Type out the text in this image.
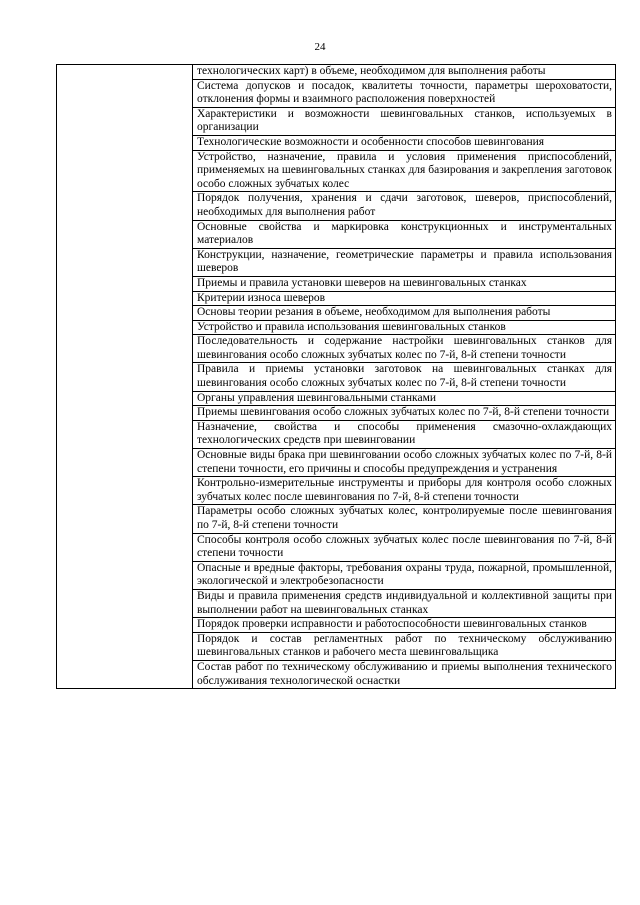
24
	технологических карт) в объеме, необходимом для выполнения работы
Система допусков и посадок, квалитеты точности, параметры шероховатости, отклонения формы и взаимного расположения поверхностей
Характеристики и возможности шевинговальных станков, используемых в организации
Технологические возможности и особенности способов шевингования
Устройство, назначение, правила и условия применения приспособлений, применяемых на шевинговальных станках для базирования и закрепления заготовок особо сложных зубчатых колес
Порядок получения, хранения и сдачи заготовок, шеверов, приспособлений, необходимых для выполнения работ
Основные свойства и маркировка конструкционных и инструментальных материалов
Конструкции, назначение, геометрические параметры и правила использования шеверов
Приемы и правила установки шеверов на шевинговальных станках
Критерии износа шеверов
Основы теории резания в объеме, необходимом для выполнения работы
Устройство и правила использования шевинговальных станков
Последовательность и содержание настройки шевинговальных станков для шевингования особо сложных зубчатых колес по 7-й, 8-й степени точности
Правила и приемы установки заготовок на шевинговальных станках для шевингования особо сложных зубчатых колес по 7-й, 8-й степени точности
Органы управления шевинговальными станками
Приемы шевингования особо сложных зубчатых колес по 7-й, 8-й степени точности
Назначение, свойства и способы применения смазочно-охлаждающих технологических средств при шевинговании
Основные виды брака при шевинговании особо сложных зубчатых колес по 7-й, 8-й степени точности, его причины и способы предупреждения и устранения
Контрольно-измерительные инструменты и приборы для контроля особо сложных зубчатых колес после шевингования по 7-й, 8-й степени точности
Параметры особо сложных зубчатых колес, контролируемые после шевингования по 7-й, 8-й степени точности
Способы контроля особо сложных зубчатых колес после шевингования по 7-й, 8-й степени точности
Опасные и вредные факторы, требования охраны труда, пожарной, промышленной, экологической и электробезопасности
Виды и правила применения средств индивидуальной и коллективной защиты при выполнении работ на шевинговальных станках
Порядок проверки исправности и работоспособности шевинговальных станков
Порядок и состав регламентных работ по техническому обслуживанию шевинговальных станков и рабочего места шевинговальщика
Состав работ по техническому обслуживанию и приемы выполнения технического обслуживания технологической оснастки
